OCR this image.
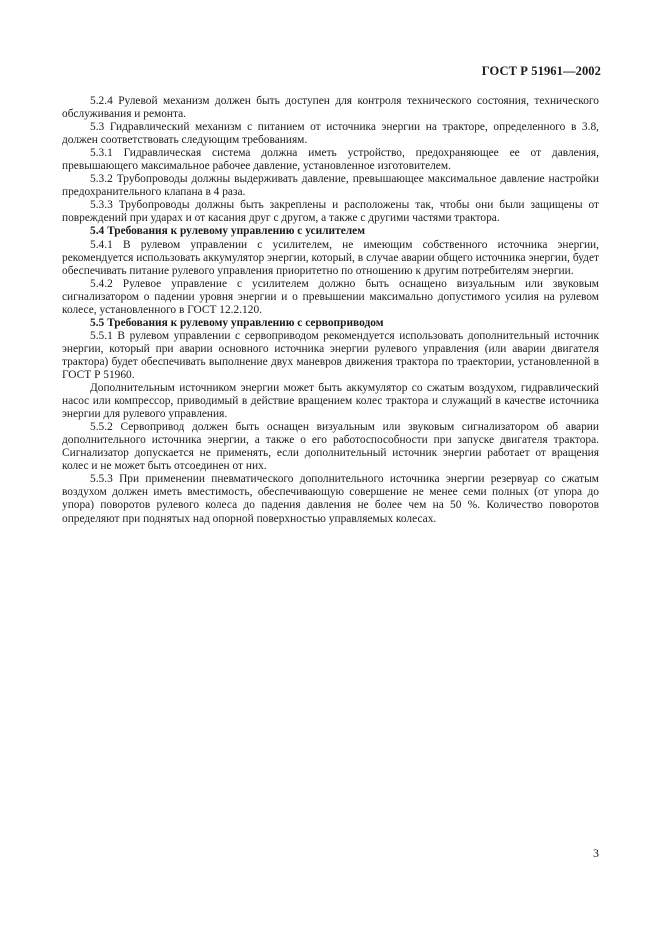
ГОСТ Р 51961—2002

5.2.4 Рулевой механизм должен быть доступен для контроля технического состояния, технического обслуживания и ремонта.

5.3 Гидравлический механизм с питанием от источника энергии на тракторе, определенного в 3.8, должен соответствовать следующим требованиям.

5.3.1 Гидравлическая система должна иметь устройство, предохраняющее ее от давления, превышающего максимальное рабочее давление, установленное изготовителем.

5.3.2 Трубопроводы должны выдерживать давление, превышающее максимальное давление настройки предохранительного клапана в 4 раза.

5.3.3 Трубопроводы должны быть закреплены и расположены так, чтобы они были защищены от повреждений при ударах и от касания друг с другом, а также с другими частями трактора.

5.4 Требования к рулевому управлению с усилителем

5.4.1 В рулевом управлении с усилителем, не имеющим собственного источника энергии, рекомендуется использовать аккумулятор энергии, который, в случае аварии общего источника энергии, будет обеспечивать питание рулевого управления приоритетно по отношению к другим потребителям энергии.

5.4.2 Рулевое управление с усилителем должно быть оснащено визуальным или звуковым сигнализатором о падении уровня энергии и о превышении максимально допустимого усилия на рулевом колесе, установленного в ГОСТ 12.2.120.

5.5 Требования к рулевому управлению с сервоприводом

5.5.1 В рулевом управлении с сервоприводом рекомендуется использовать дополнительный источник энергии, который при аварии основного источника энергии рулевого управления (или аварии двигателя трактора) будет обеспечивать выполнение двух маневров движения трактора по траектории, установленной в ГОСТ Р 51960.

Дополнительным источником энергии может быть аккумулятор со сжатым воздухом, гидравлический насос или компрессор, приводимый в действие вращением колес трактора и служащий в качестве источника энергии для рулевого управления.

5.5.2 Сервопривод должен быть оснащен визуальным или звуковым сигнализатором об аварии дополнительного источника энергии, а также о его работоспособности при запуске двигателя трактора. Сигнализатор допускается не применять, если дополнительный источник энергии работает от вращения колес и не может быть отсоединен от них.

5.5.3 При применении пневматического дополнительного источника энергии резервуар со сжатым воздухом должен иметь вместимость, обеспечивающую совершение не менее семи полных (от упора до упора) поворотов рулевого колеса до падения давления не более чем на 50 %. Количество поворотов определяют при поднятых над опорной поверхностью управляемых колесах.

3
